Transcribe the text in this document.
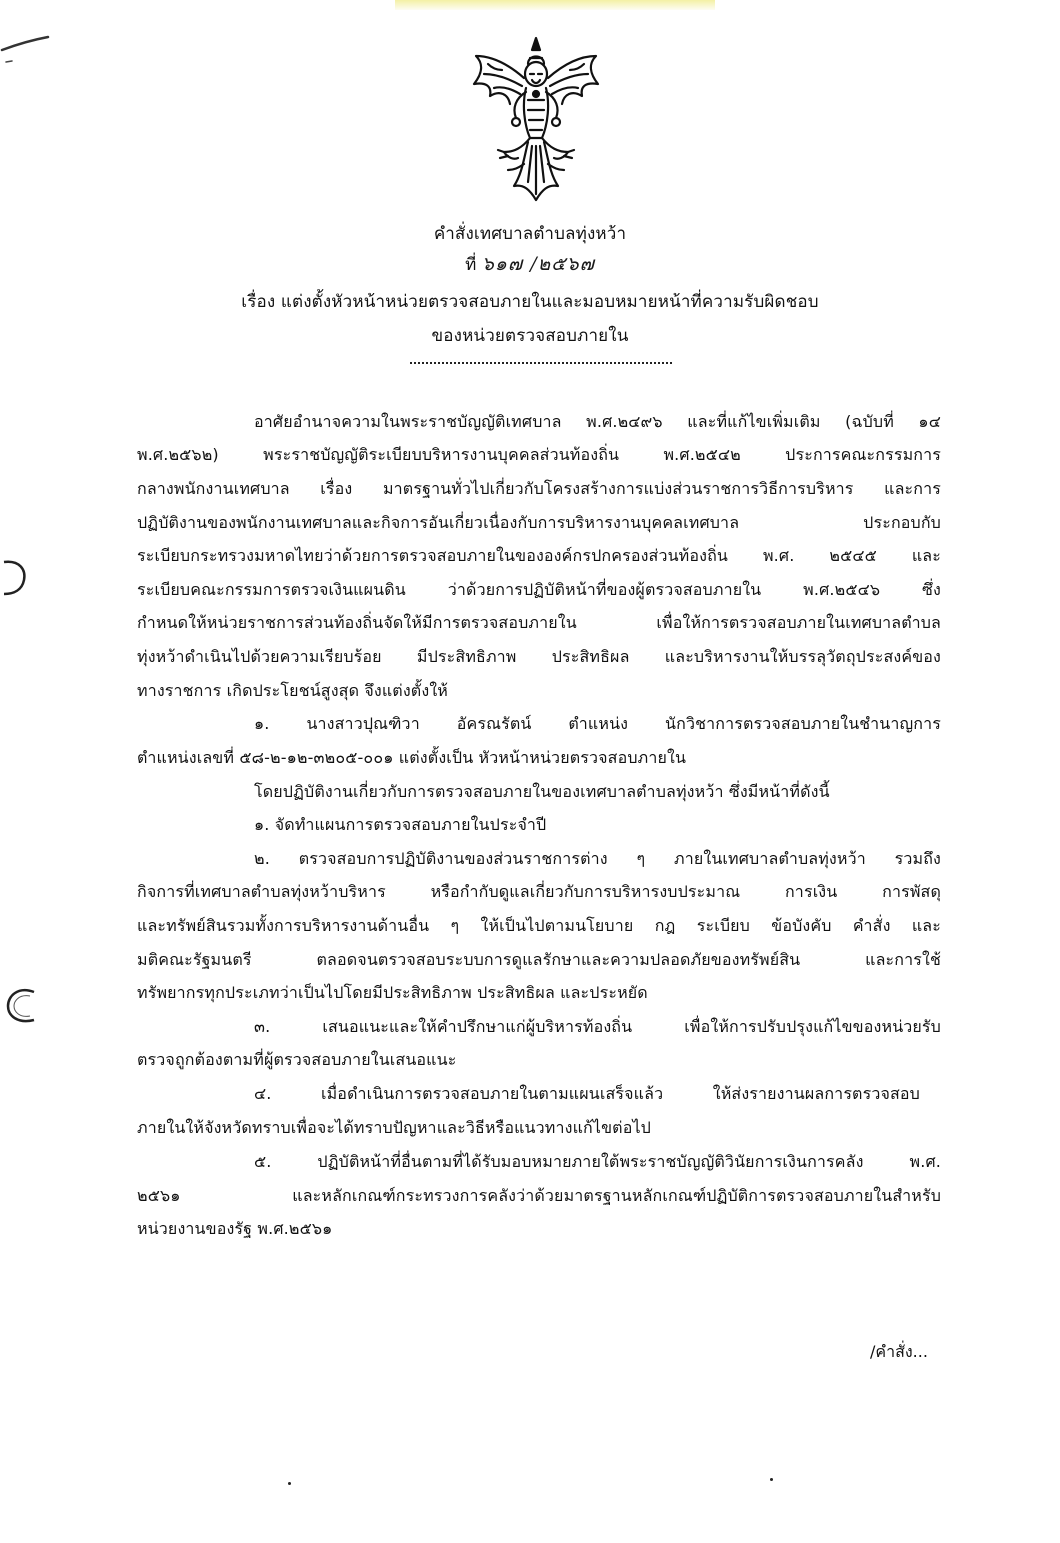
คำสั่งเทศบาลตำบลทุ่งหว้า
ที่ ๖๑๗ /๒๕๖๗
เรื่อง แต่งตั้งหัวหน้าหน่วยตรวจสอบภายในและมอบหมายหน้าที่ความรับผิดชอบ
ของหน่วยตรวจสอบภายใน
อาศัยอำนาจความในพระราชบัญญัติเทศบาล พ.ศ.๒๔๙๖ และที่แก้ไขเพิ่มเติม (ฉบับที่ ๑๔
พ.ศ.๒๕๖๒) พระราชบัญญัติระเบียบบริหารงานบุคคลส่วนท้องถิ่น พ.ศ.๒๕๔๒ ประการคณะกรรมการ
กลางพนักงานเทศบาล เรื่อง มาตรฐานทั่วไปเกี่ยวกับโครงสร้างการแบ่งส่วนราชการวิธีการบริหาร และการ
ปฏิบัติงานของพนักงานเทศบาลและกิจการอันเกี่ยวเนื่องกับการบริหารงานบุคคลเทศบาล ประกอบกับ
ระเบียบกระทรวงมหาดไทยว่าด้วยการตรวจสอบภายในขององค์กรปกครองส่วนท้องถิ่น พ.ศ. ๒๕๔๕ และ
ระเบียบคณะกรรมการตรวจเงินแผนดิน ว่าด้วยการปฏิบัติหน้าที่ของผู้ตรวจสอบภายใน พ.ศ.๒๕๔๖ ซึ่ง
กำหนดให้หน่วยราชการส่วนท้องถิ่นจัดให้มีการตรวจสอบภายใน เพื่อให้การตรวจสอบภายในเทศบาลตำบล
ทุ่งหว้าดำเนินไปด้วยความเรียบร้อย มีประสิทธิภาพ ประสิทธิผล และบริหารงานให้บรรลุวัตถุประสงค์ของ
ทางราชการ เกิดประโยชน์สูงสุด จึงแต่งตั้งให้
๑. นางสาวปุณฑิวา อัครณรัตน์ ตำแหน่ง นักวิชาการตรวจสอบภายในชำนาญการ
ตำแหน่งเลขที่ ๕๘-๒-๑๒-๓๒๐๕-๐๐๑ แต่งตั้งเป็น หัวหน้าหน่วยตรวจสอบภายใน
โดยปฏิบัติงานเกี่ยวกับการตรวจสอบภายในของเทศบาลตำบลทุ่งหว้า ซึ่งมีหน้าที่ดังนี้
๑. จัดทำแผนการตรวจสอบภายในประจำปี
๒. ตรวจสอบการปฏิบัติงานของส่วนราชการต่าง ๆ ภายในเทศบาลตำบลทุ่งหว้า รวมถึง
กิจการที่เทศบาลตำบลทุ่งหว้าบริหาร หรือกำกับดูแลเกี่ยวกับการบริหารงบประมาณ การเงิน การพัสดุ
และทรัพย์สินรวมทั้งการบริหารงานด้านอื่น ๆ ให้เป็นไปตามนโยบาย กฎ ระเบียบ ข้อบังคับ คำสั่ง และ
มติคณะรัฐมนตรี ตลอดจนตรวจสอบระบบการดูแลรักษาและความปลอดภัยของทรัพย์สิน และการใช้
ทรัพยากรทุกประเภทว่าเป็นไปโดยมีประสิทธิภาพ ประสิทธิผล และประหยัด
๓. เสนอแนะและให้คำปรึกษาแก่ผู้บริหารท้องถิ่น เพื่อให้การปรับปรุงแก้ไขของหน่วยรับ
ตรวจถูกต้องตามที่ผู้ตรวจสอบภายในเสนอแนะ
๔. เมื่อดำเนินการตรวจสอบภายในตามแผนเสร็จแล้ว ให้ส่งรายงานผลการตรวจสอบ
ภายในให้จังหวัดทราบเพื่อจะได้ทราบปัญหาและวิธีหรือแนวทางแก้ไขต่อไป
๕. ปฏิบัติหน้าที่อื่นตามที่ได้รับมอบหมายภายใต้พระราชบัญญัติวินัยการเงินการคลัง พ.ศ.
๒๕๖๑ และหลักเกณฑ์กระทรวงการคลังว่าด้วยมาตรฐานหลักเกณฑ์ปฏิบัติการตรวจสอบภายในสำหรับ
หน่วยงานของรัฐ พ.ศ.๒๕๖๑
/คำสั่ง...
